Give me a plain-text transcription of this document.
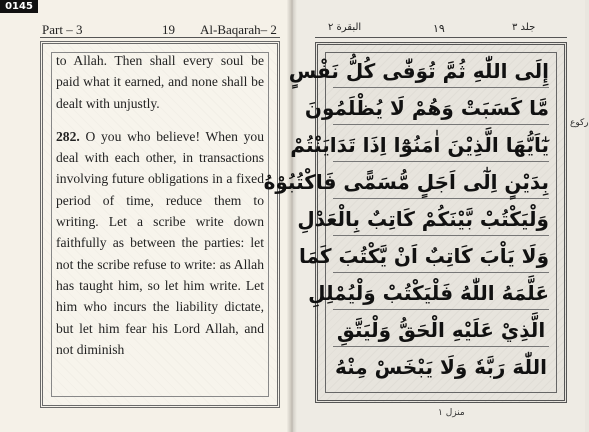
0145
Part – 3	19 Al-Baqarah– 2

to Allah. Then shall every soul be paid what it earned, and none shall be dealt with unjustly.

282. O you who believe! When you deal with each other, in transactions involving future obligations in a fixed period of time, reduce them to writing. Let a scribe write down faithfully as between the parties: let not the scribe refuse to write: as Allah has taught him, so let him write. Let him who incurs the liability dictate, but let him fear his Lord Allah, and not diminish

جلد ٣
١٩
البقرة ٢
إِلَى اللّٰهِ ثُمَّ تُوَفّٰى كُلُّ نَفْسٍ
مَّا كَسَبَتْ وَهُمْ لَا يُظْلَمُونَ
يٰٓاَيُّهَا الَّذِيْنَ اٰمَنُوْٓا اِذَا تَدَايَنْتُمْ
بِدَيْنٍ اِلٰٓى اَجَلٍ مُّسَمًّى فَاكْتُبُوْهُ
وَلْيَكْتُبْ بَّيْنَكُمْ كَاتِبٌ بِالْعَدْلِ
وَلَا يَاْبَ كَاتِبٌ اَنْ يَّكْتُبَ كَمَا
عَلَّمَهُ اللّٰهُ فَلْيَكْتُبْ وَلْيُمْلِلِ
الَّذِيْ عَلَيْهِ الْحَقُّ وَلْيَتَّقِ
اللّٰهَ رَبَّهٗ وَلَا يَبْخَسْ مِنْهُ
ركوع
منزل ١
